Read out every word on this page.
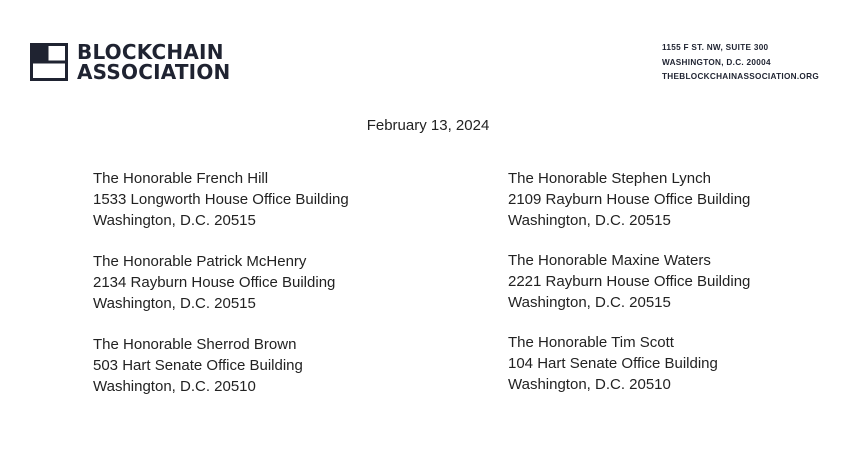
BLOCKCHAIN
ASSOCIATION
1155 F ST. NW, SUITE 300
WASHINGTON, D.C. 20004
THEBLOCKCHAINASSOCIATION.ORG
February 13, 2024
The Honorable French Hill
1533 Longworth House Office Building
Washington, D.C. 20515
The Honorable Patrick McHenry
2134 Rayburn House Office Building
Washington, D.C. 20515
The Honorable Sherrod Brown
503 Hart Senate Office Building
Washington, D.C. 20510
The Honorable Stephen Lynch
2109 Rayburn House Office Building
Washington, D.C. 20515
The Honorable Maxine Waters
2221 Rayburn House Office Building
Washington, D.C. 20515
The Honorable Tim Scott
104 Hart Senate Office Building
Washington, D.C. 20510
